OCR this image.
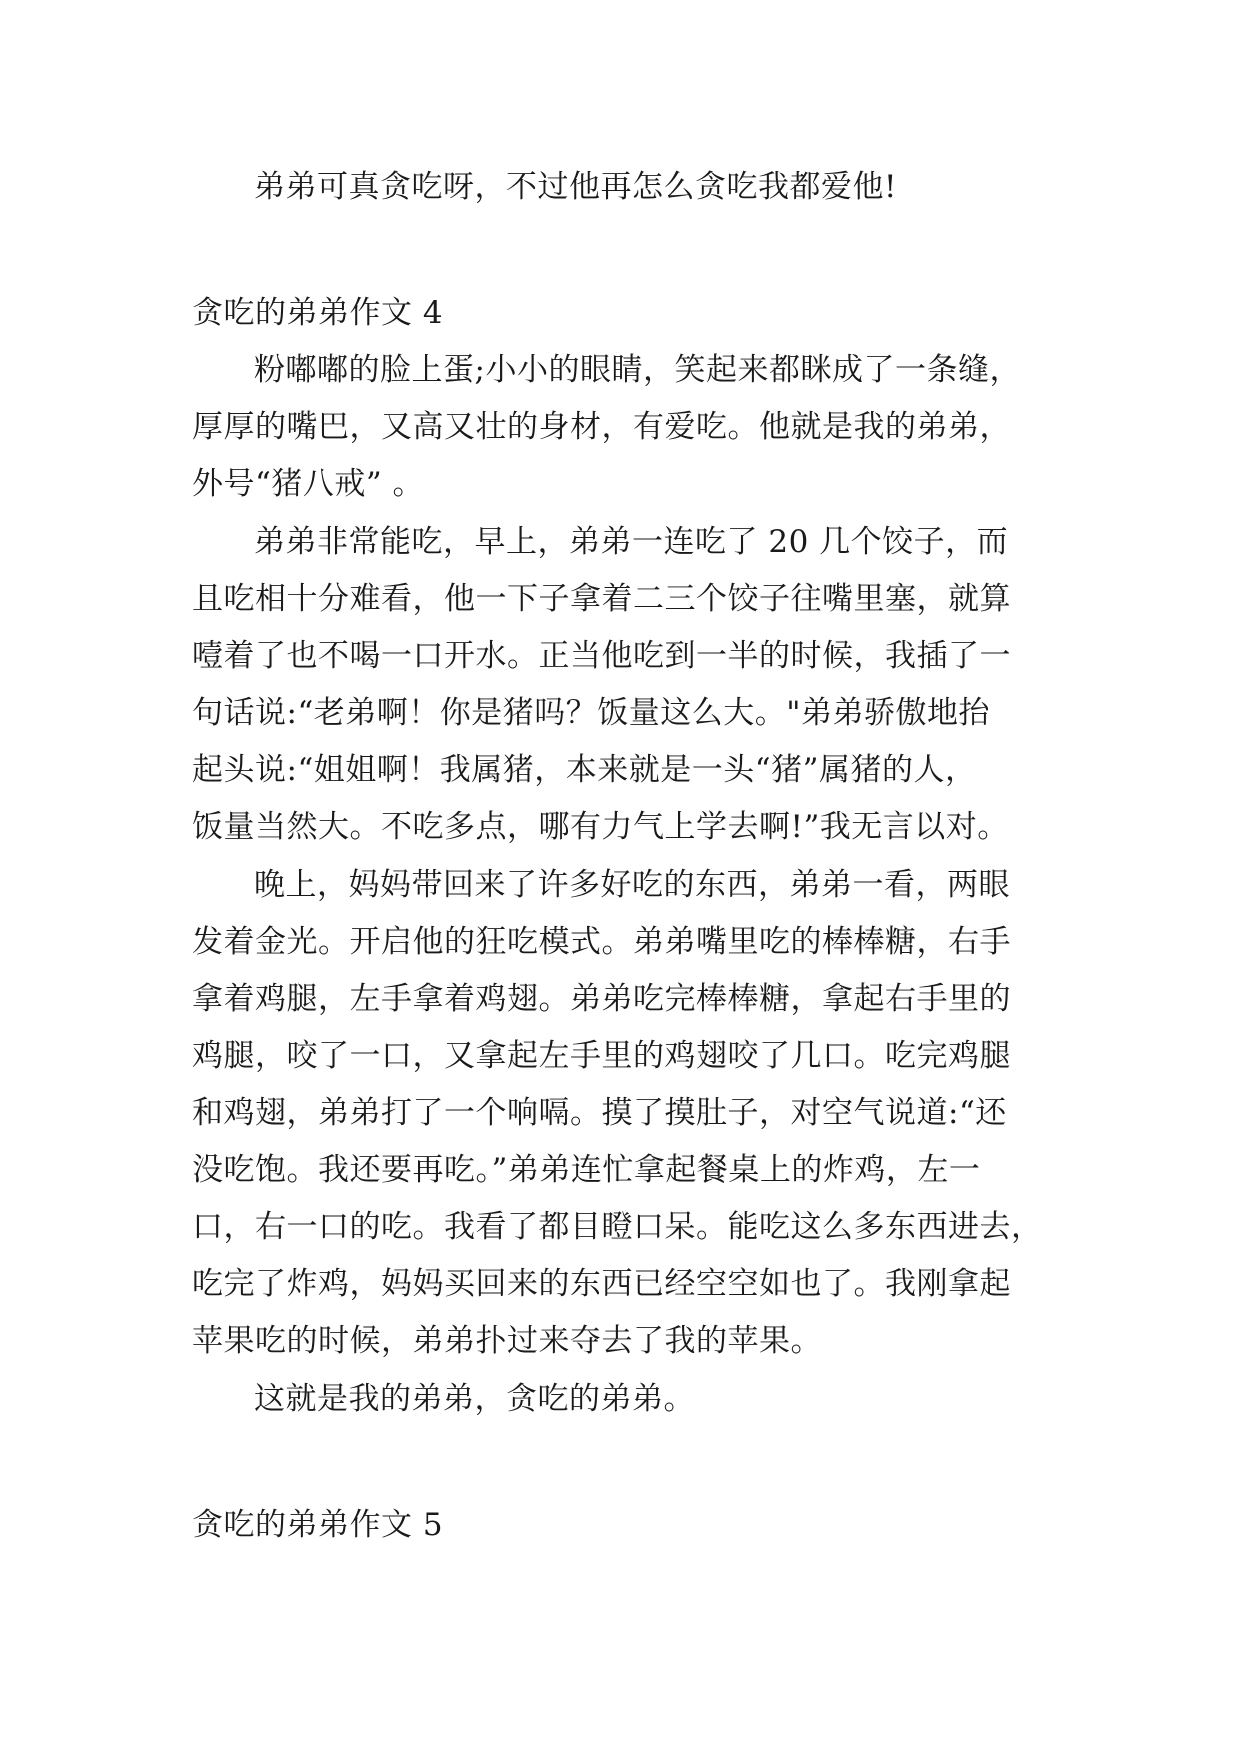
弟弟可真贪吃呀，不过他再怎么贪吃我都爱他!
贪吃的弟弟作文 4
粉嘟嘟的脸上蛋;小小的眼睛，笑起来都眯成了一条缝，
厚厚的嘴巴，又高又壮的身材，有爱吃。他就是我的弟弟，
外号“猪八戒” 。
弟弟非常能吃，早上，弟弟一连吃了 20 几个饺子，而
且吃相十分难看，他一下子拿着二三个饺子往嘴里塞，就算
噎着了也不喝一口开水。正当他吃到一半的时候，我插了一
句话说:“老弟啊！你是猪吗？饭量这么大。"弟弟骄傲地抬
起头说:“姐姐啊！我属猪，本来就是一头“猪”属猪的人，
饭量当然大。不吃多点，哪有力气上学去啊!”我无言以对。
晚上，妈妈带回来了许多好吃的东西，弟弟一看，两眼
发着金光。开启他的狂吃模式。弟弟嘴里吃的棒棒糖，右手
拿着鸡腿，左手拿着鸡翅。弟弟吃完棒棒糖，拿起右手里的
鸡腿，咬了一口，又拿起左手里的鸡翅咬了几口。吃完鸡腿
和鸡翅，弟弟打了一个响嗝。摸了摸肚子，对空气说道:“还
没吃饱。我还要再吃。”弟弟连忙拿起餐桌上的炸鸡，左一
口，右一口的吃。我看了都目瞪口呆。能吃这么多东西进去，
吃完了炸鸡，妈妈买回来的东西已经空空如也了。我刚拿起
苹果吃的时候，弟弟扑过来夺去了我的苹果。
这就是我的弟弟，贪吃的弟弟。
贪吃的弟弟作文 5
